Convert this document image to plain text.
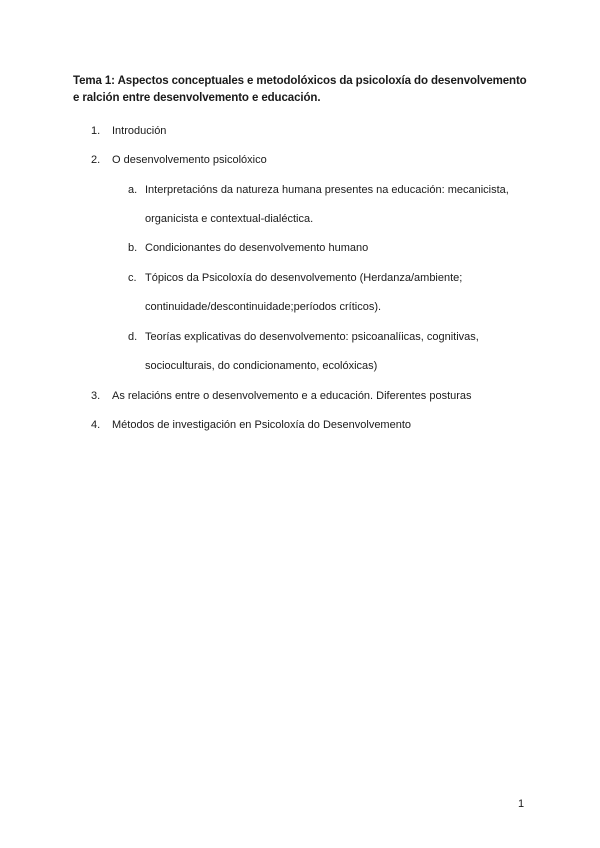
Tema 1: Aspectos conceptuales e metodolóxicos da psicoloxía do desenvolvemento e ralción entre desenvolvemento e educación.
1. Introdución
2. O desenvolvemento psicolóxico
a. Interpretacións da natureza humana presentes na educación: mecanicista,
organicista e contextual-dialéctica.
b. Condicionantes do desenvolvemento humano
c. Tópicos da Psicoloxía do desenvolvemento (Herdanza/ambiente;
continuidade/descontinuidade;períodos críticos).
d. Teorías explicativas do desenvolvemento: psicoanalíicas, cognitivas,
socioculturais, do condicionamento, ecolóxicas)
3. As relacións entre o desenvolvemento e a educación. Diferentes posturas
4. Métodos de investigación en Psicoloxía do Desenvolvemento
1
